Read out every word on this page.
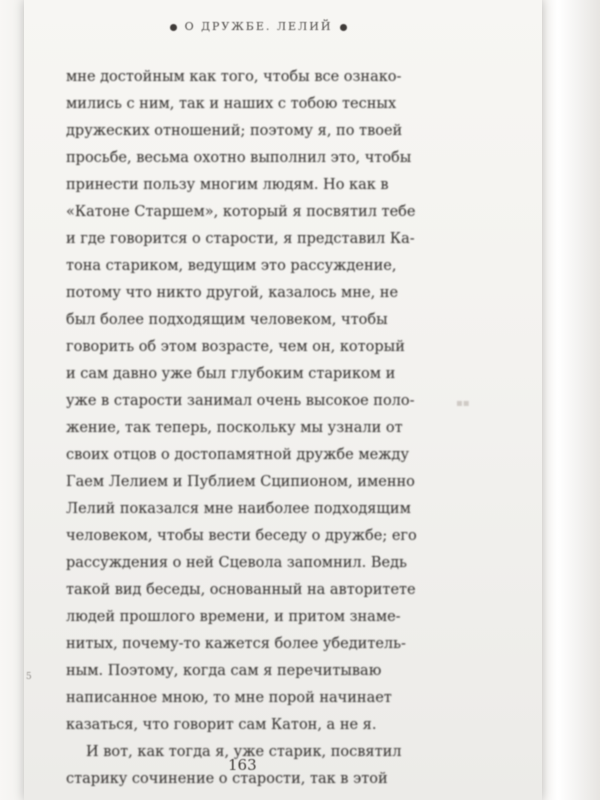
О ДРУЖБЕ. ЛЕЛИЙ
мне достойным как того, чтобы все ознако-
мились с ним, так и наших с тобою тесных
дружеских отношений; поэтому я, по твоей
просьбе, весьма охотно выполнил это, чтобы
принести пользу многим людям. Но как в
«Катоне Старшем», который я посвятил тебе
и где говорится о старости, я представил Ка-
тона стариком, ведущим это рассуждение,
потому что никто другой, казалось мне, не
был более подходящим человеком, чтобы
говорить об этом возрасте, чем он, который
и сам давно уже был глубоким стариком и
уже в старости занимал очень высокое поло-
жение, так теперь, поскольку мы узнали от
своих отцов о достопамятной дружбе между
Гаем Лелием и Публием Сципионом, именно
Лелий показался мне наиболее подходящим
человеком, чтобы вести беседу о дружбе; его
рассуждения о ней Сцевола запомнил. Ведь
такой вид беседы, основанный на авторитете
людей прошлого времени, и притом знаме-
нитых, почему-то кажется более убедитель-
ным. Поэтому, когда сам я перечитываю
написанное мною, то мне порой начинает
казаться, что говорит сам Катон, а не я.
И вот, как тогда я, уже старик, посвятил
старику сочинение о старости, так в этой
5
▪▪
163
